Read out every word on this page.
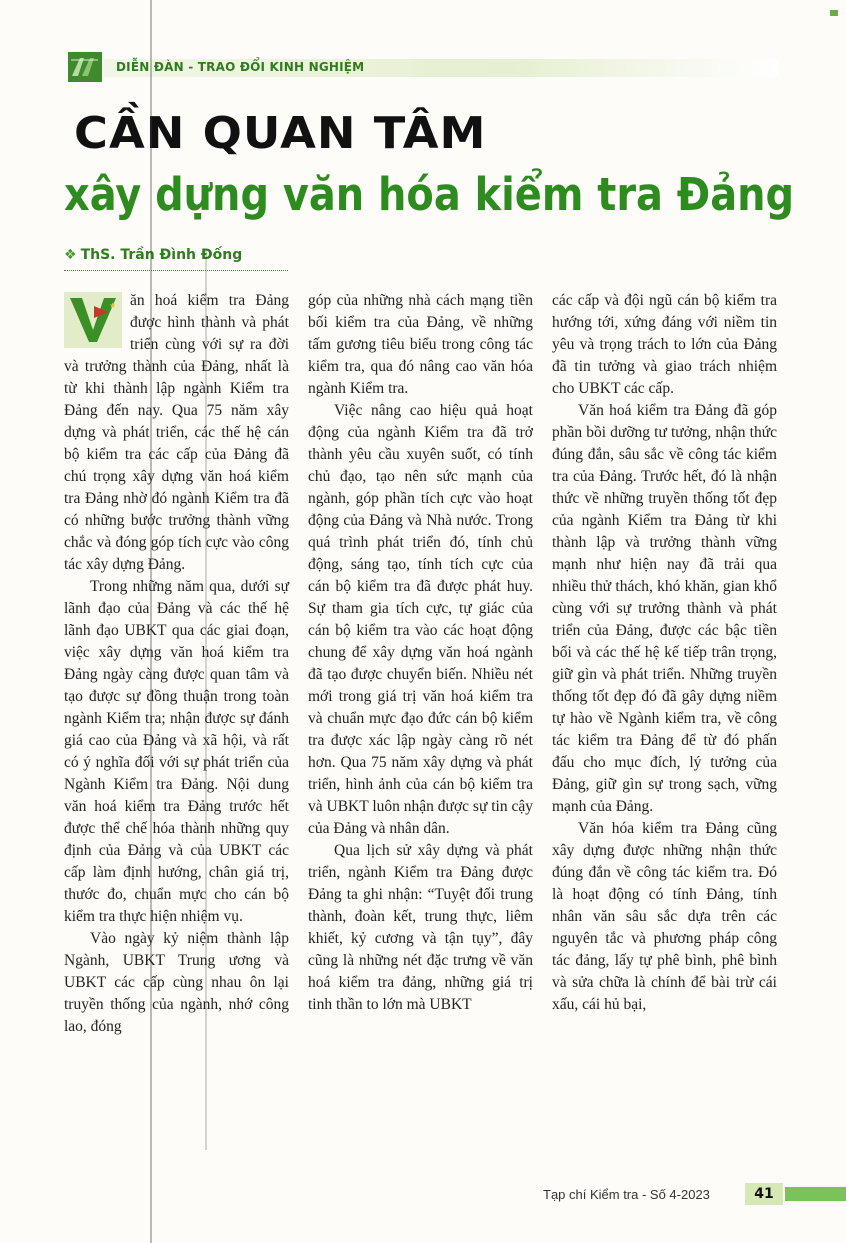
DIỄN ĐÀN - TRAO ĐỔI KINH NGHIỆM
CẦN QUAN TÂM
xây dựng văn hóa kiểm tra Đảng
❖ ThS. Trần Đình Đống

★ ăn hoá kiểm tra Đảng được hình thành và phát triển cùng với sự ra đời và trưởng thành của Đảng, nhất là từ khi thành lập ngành Kiểm tra Đảng đến nay. Qua 75 năm xây dựng và phát triển, các thế hệ cán bộ kiểm tra các cấp của Đảng đã chú trọng xây dựng văn hoá kiểm tra Đảng nhờ đó ngành Kiểm tra đã có những bước trưởng thành vững chắc và đóng góp tích cực vào công tác xây dựng Đảng.

Trong những năm qua, dưới sự lãnh đạo của Đảng và các thế hệ lãnh đạo UBKT qua các giai đoạn, việc xây dựng văn hoá kiểm tra Đảng ngày càng được quan tâm và tạo được sự đồng thuận trong toàn ngành Kiểm tra; nhận được sự đánh giá cao của Đảng và xã hội, và rất có ý nghĩa đối với sự phát triển của Ngành Kiểm tra Đảng. Nội dung văn hoá kiểm tra Đảng trước hết được thể chế hóa thành những quy định của Đảng và của UBKT các cấp làm định hướng, chân giá trị, thước đo, chuẩn mực cho cán bộ kiểm tra thực hiện nhiệm vụ.

Vào ngày kỷ niệm thành lập Ngành, UBKT Trung ương và UBKT các cấp cùng nhau ôn lại truyền thống của ngành, nhớ công lao, đóng

góp của những nhà cách mạng tiền bối kiểm tra của Đảng, về những tấm gương tiêu biểu trong công tác kiểm tra, qua đó nâng cao văn hóa ngành Kiểm tra.

Việc nâng cao hiệu quả hoạt động của ngành Kiểm tra đã trở thành yêu cầu xuyên suốt, có tính chủ đạo, tạo nên sức mạnh của ngành, góp phần tích cực vào hoạt động của Đảng và Nhà nước. Trong quá trình phát triển đó, tính chủ động, sáng tạo, tính tích cực của cán bộ kiểm tra đã được phát huy. Sự tham gia tích cực, tự giác của cán bộ kiểm tra vào các hoạt động chung để xây dựng văn hoá ngành đã tạo được chuyển biến. Nhiều nét mới trong giá trị văn hoá kiểm tra và chuẩn mực đạo đức cán bộ kiểm tra được xác lập ngày càng rõ nét hơn. Qua 75 năm xây dựng và phát triển, hình ảnh của cán bộ kiểm tra và UBKT luôn nhận được sự tin cậy của Đảng và nhân dân.

Qua lịch sử xây dựng và phát triển, ngành Kiểm tra Đảng được Đảng ta ghi nhận: “Tuyệt đối trung thành, đoàn kết, trung thực, liêm khiết, kỷ cương và tận tụy”, đây cũng là những nét đặc trưng về văn hoá kiểm tra đảng, những giá trị tinh thần to lớn mà UBKT

các cấp và đội ngũ cán bộ kiểm tra hướng tới, xứng đáng với niềm tin yêu và trọng trách to lớn của Đảng đã tin tưởng và giao trách nhiệm cho UBKT các cấp.

Văn hoá kiểm tra Đảng đã góp phần bồi dưỡng tư tưởng, nhận thức đúng đắn, sâu sắc về công tác kiểm tra của Đảng. Trước hết, đó là nhận thức về những truyền thống tốt đẹp của ngành Kiểm tra Đảng từ khi thành lập và trưởng thành vững mạnh như hiện nay đã trải qua nhiều thử thách, khó khăn, gian khổ cùng với sự trưởng thành và phát triển của Đảng, được các bậc tiền bối và các thế hệ kế tiếp trân trọng, giữ gìn và phát triển. Những truyền thống tốt đẹp đó đã gây dựng niềm tự hào về Ngành kiểm tra, về công tác kiểm tra Đảng để từ đó phấn đấu cho mục đích, lý tưởng của Đảng, giữ gìn sự trong sạch, vững mạnh của Đảng.

Văn hóa kiểm tra Đảng cũng xây dựng được những nhận thức đúng đắn về công tác kiểm tra. Đó là hoạt động có tính Đảng, tính nhân văn sâu sắc dựa trên các nguyên tắc và phương pháp công tác đảng, lấy tự phê bình, phê bình và sửa chữa là chính để bài trừ cái xấu, cái hủ bại,

Tạp chí Kiểm tra - Số 4-2023	41
